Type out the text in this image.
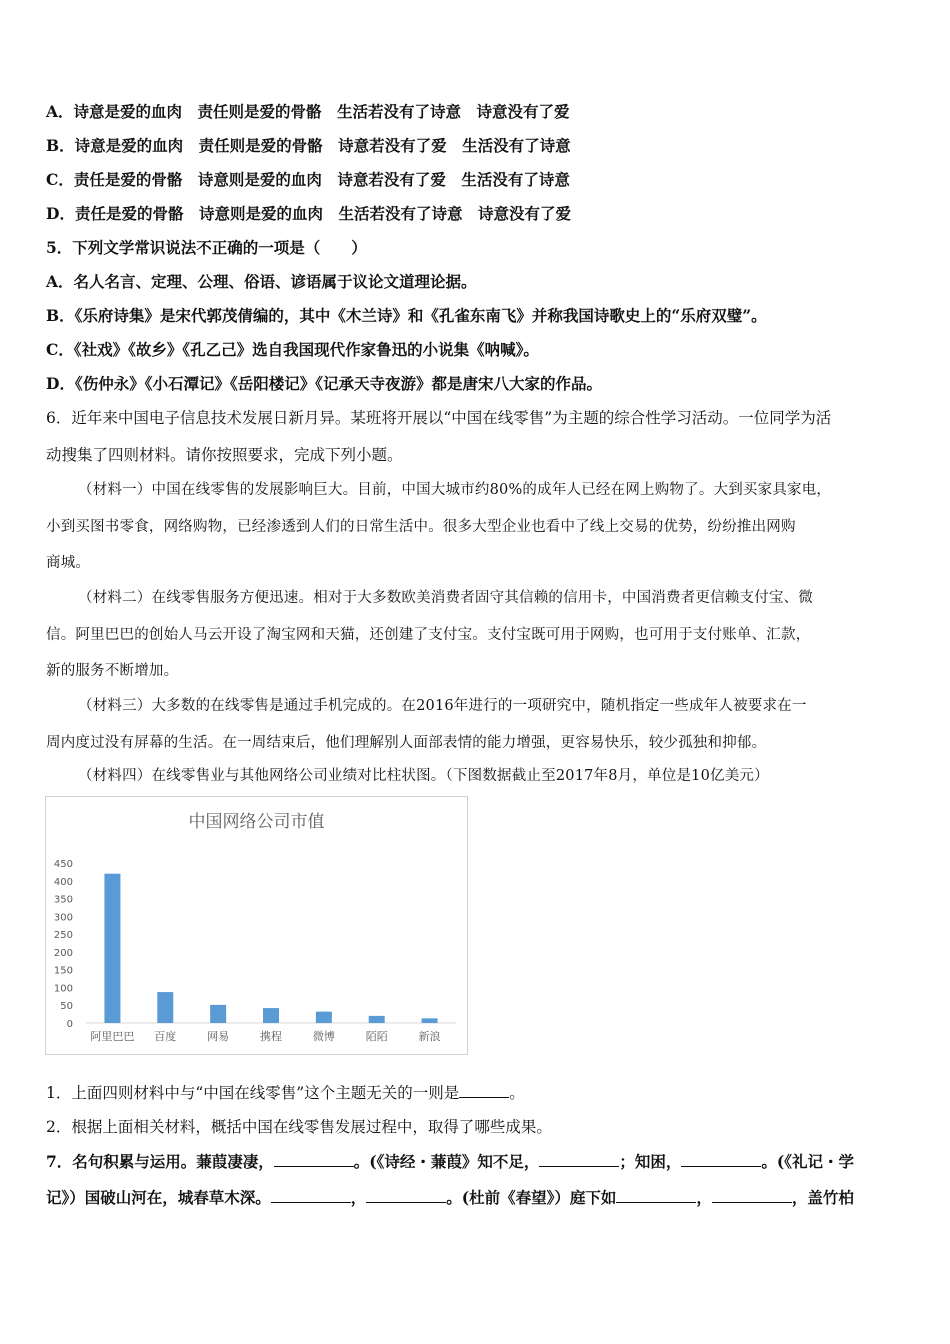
A．诗意是爱的血肉　责任则是爱的骨骼　生活若没有了诗意　诗意没有了爱
B．诗意是爱的血肉　责任则是爱的骨骼　诗意若没有了爱　生活没有了诗意
C．责任是爱的骨骼　诗意则是爱的血肉　诗意若没有了爱　生活没有了诗意
D．责任是爱的骨骼　诗意则是爱的血肉　生活若没有了诗意　诗意没有了爱
5．下列文学常识说法不正确的一项是（　　）
A．名人名言、定理、公理、俗语、谚语属于议论文道理论据。
B．《乐府诗集》是宋代郭茂倩编的，其中《木兰诗》和《孔雀东南飞》并称我国诗歌史上的“乐府双璧”。
C．《社戏》《故乡》《孔乙己》选自我国现代作家鲁迅的小说集《呐喊》。
D．《伤仲永》《小石潭记》《岳阳楼记》《记承天寺夜游》都是唐宋八大家的作品。
6．近年来中国电子信息技术发展日新月异。某班将开展以“中国在线零售”为主题的综合性学习活动。一位同学为活
动搜集了四则材料。请你按照要求，完成下列小题。
（材料一）中国在线零售的发展影响巨大。目前，中国大城市约80%的成年人已经在网上购物了。大到买家具家电，
小到买图书零食，网络购物，已经渗透到人们的日常生活中。很多大型企业也看中了线上交易的优势，纷纷推出网购
商城。
（材料二）在线零售服务方便迅速。相对于大多数欧美消费者固守其信赖的信用卡，中国消费者更信赖支付宝、微
信。阿里巴巴的创始人马云开设了淘宝网和天猫，还创建了支付宝。支付宝既可用于网购，也可用于支付账单、汇款，
新的服务不断增加。
（材料三）大多数的在线零售是通过手机完成的。在2016年进行的一项研究中，随机指定一些成年人被要求在一
周内度过没有屏幕的生活。在一周结束后，他们理解别人面部表情的能力增强，更容易快乐，较少孤独和抑郁。
（材料四）在线零售业与其他网络公司业绩对比柱状图。（下图数据截止至2017年8月，单位是10亿美元）
中国网络公司市值
0
50
100
150
200
250
300
350
400
450
阿里巴巴 百度	网易	携程	微博	陌陌	新浪
1．上面四则材料中与“中国在线零售”这个主题无关的一则是	。
2．根据上面相关材料，概括中国在线零售发展过程中，取得了哪些成果。
7．名句积累与运用。蒹葭凄凄，	。(《诗经・蒹葭》知不足，	；知困，	。(《礼记・学
记》）国破山河在，城春草木深。	，	。(杜前《春望》）庭下如	，	，盖竹柏
